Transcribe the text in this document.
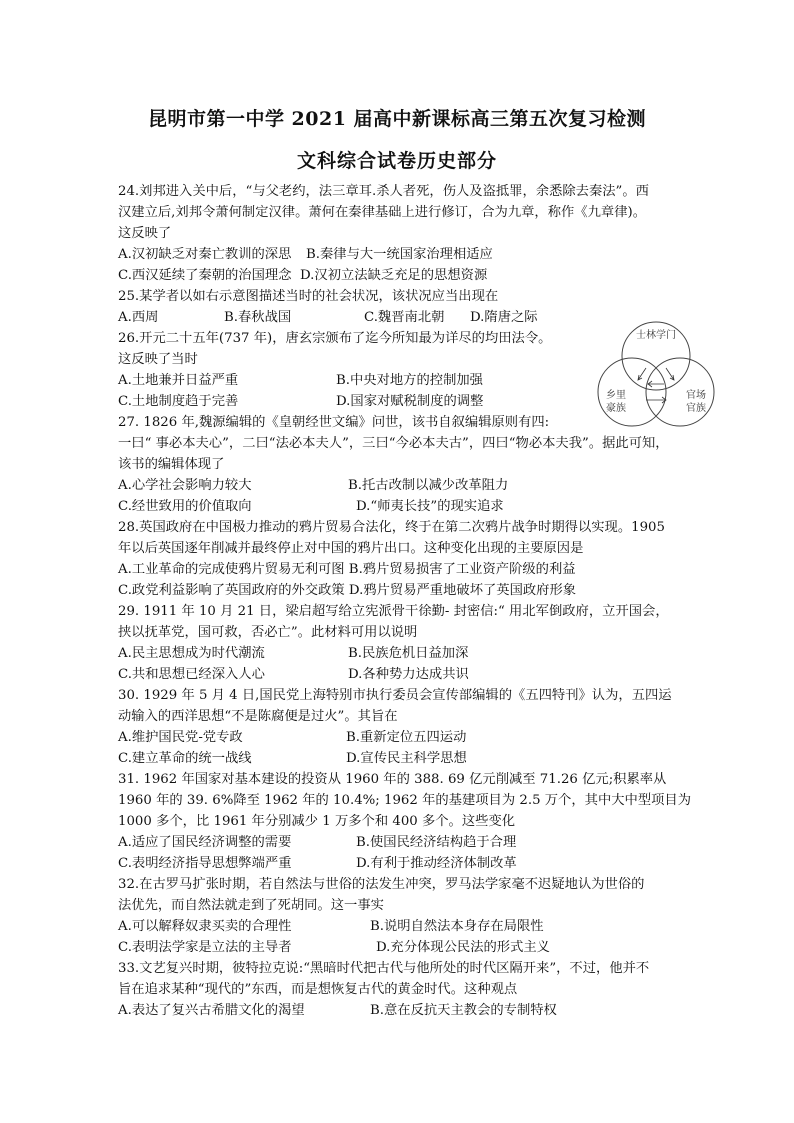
昆明市第一中学 2021 届高中新课标高三第五次复习检测
文科综合试卷历史部分
24.刘邦进入关中后，“与父老约，法三章耳.杀人者死，伤人及盗抵罪，余悉除去秦法”。西
汉建立后,刘邦令萧何制定汉律。萧何在秦律基础上进行修订，合为九章，称作《九章律)。
这反映了
A.汉初缺乏对秦亡教训的深思 B.秦律与大一统国家治理相适应
C.西汉延续了秦朝的治国理念 D.汉初立法缺乏充足的思想资源
25.某学者以如右示意图描述当时的社会状况，该状况应当出现在
A.西周	B.春秋战国	C.魏晋南北朝 D.隋唐之际
士林学门
乡里
豪族
官场
官族
26.开元二十五年(737 年)，唐玄宗颁布了迄今所知最为详尽的均田法令。
这反映了当时
A.土地兼并日益严重	B.中央对地方的控制加强
C.土地制度趋于完善	D.国家对赋税制度的调整
27. 1826 年,魏源编辑的《皇朝经世文编》问世，该书自叙编辑原则有四:
一曰“ 事必本夫心”，二曰“法必本夫人”，三曰“今必本夫古”，四曰“物必本夫我”。据此可知，
该书的编辑体现了
A.心学社会影响力较大	B.托古改制以减少改革阻力
C.经世致用的价值取向	D.“师夷长技”的现实追求
28.英国政府在中国极力推动的鸦片贸易合法化，终于在第二次鸦片战争时期得以实现。1905
年以后英国逐年削减并最终停止对中国的鸦片出口。这种变化出现的主要原因是
A.工业革命的完成使鸦片贸易无利可图 B.鸦片贸易损害了工业资产阶级的利益
C.政党利益影响了英国政府的外交政策 D.鸦片贸易严重地破坏了英国政府形象
29. 1911 年 10 月 21 日，梁启超写给立宪派骨干徐勤- 封密信:“ 用北军倒政府，立开国会，
挟以抚革党，国可救，否必亡”。此材料可用以说明
A.民主思想成为时代潮流	B.民族危机日益加深
C.共和思想已经深入人心	D.各种势力达成共识
30. 1929 年 5 月 4 日,国民党上海特别市执行委员会宣传部编辑的《五四特刊》认为，五四运
动输入的西洋思想“不是陈腐便是过火”。其旨在
A.维护国民党-党专政	B.重新定位五四运动
C.建立革命的统一战线	D.宣传民主科学思想
31. 1962 年国家对基本建设的投资从 1960 年的 388. 69 亿元削减至 71.26 亿元;积累率从
1960 年的 39. 6%降至 1962 年的 10.4%; 1962 年的基建项目为 2.5 万个，其中大中型项目为
1000 多个，比 1961 年分别减少 1 万多个和 400 多个。这些变化
A.适应了国民经济调整的需要	B.使国民经济结构趋于合理
C.表明经济指导思想弊端严重	D.有利于推动经济体制改革
32.在古罗马扩张时期，若自然法与世俗的法发生冲突，罗马法学家毫不迟疑地认为世俗的
法优先，而自然法就走到了死胡同。这一事实
A.可以解释奴隶买卖的合理性	B.说明自然法本身存在局限性
C.表明法学家是立法的主导者	D.充分体现公民法的形式主义
33.文艺复兴时期，彼特拉克说:“黑暗时代把古代与他所处的时代区隔开来”，不过，他并不
旨在追求某种“现代的”东西，而是想恢复古代的黄金时代。这种观点
A.表达了复兴古希腊文化的渴望	B.意在反抗天主教会的专制特权
